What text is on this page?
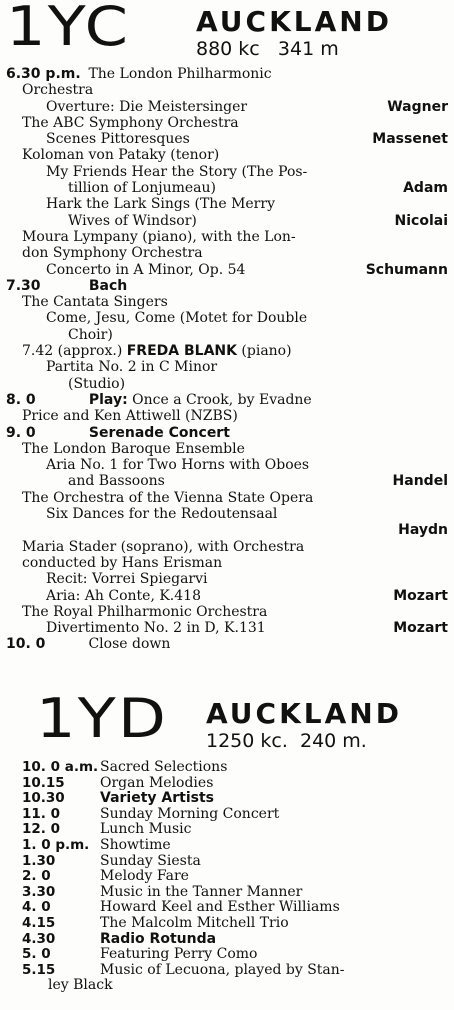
1YC AUCKLAND
880 kc 341 m
6.30 p.m. The London Philharmonic
Orchestra
Overture: Die Meistersinger	Wagner
The ABC Symphony Orchestra
Scenes Pittoresques	Massenet
Koloman von Pataky (tenor)
My Friends Hear the Story (The Pos-
tillion of Lonjumeau)	Adam
Hark the Lark Sings (The Merry
Wives of Windsor)	Nicolai
Moura Lympany (piano), with the Lon-
don Symphony Orchestra
Concerto in A Minor, Op. 54	Schumann
7.30	Bach
The Cantata Singers
Come, Jesu, Come (Motet for Double
Choir)
7.42 (approx.) FREDA BLANK (piano)
Partita No. 2 in C Minor
(Studio)
8. 0	Play: Once a Crook, by Evadne
Price and Ken Attiwell (NZBS)
9. 0	Serenade Concert
The London Baroque Ensemble
Aria No. 1 for Two Horns with Oboes
and Bassoons	Handel
The Orchestra of the Vienna State Opera
Six Dances for the Redoutensaal
Haydn
Maria Stader (soprano), with Orchestra
conducted by Hans Erisman
Recit: Vorrei Spiegarvi
Aria: Ah Conte, K.418	Mozart
The Royal Philharmonic Orchestra
Divertimento No. 2 in D, K.131	Mozart
10. 0	Close down
1YD AUCKLAND
1250 kc. 240 m.
10. 0 a.m. Sacred Selections
10.15	Organ Melodies
10.30	Variety Artists
11. 0	Sunday Morning Concert
12. 0	Lunch Music
1. 0 p.m. Showtime
1.30	Sunday Siesta
2. 0	Melody Fare
3.30	Music in the Tanner Manner
4. 0	Howard Keel and Esther Williams
4.15	The Malcolm Mitchell Trio
4.30	Radio Rotunda
5. 0	Featuring Perry Como
5.15	Music of Lecuona, played by Stan-
ley Black
